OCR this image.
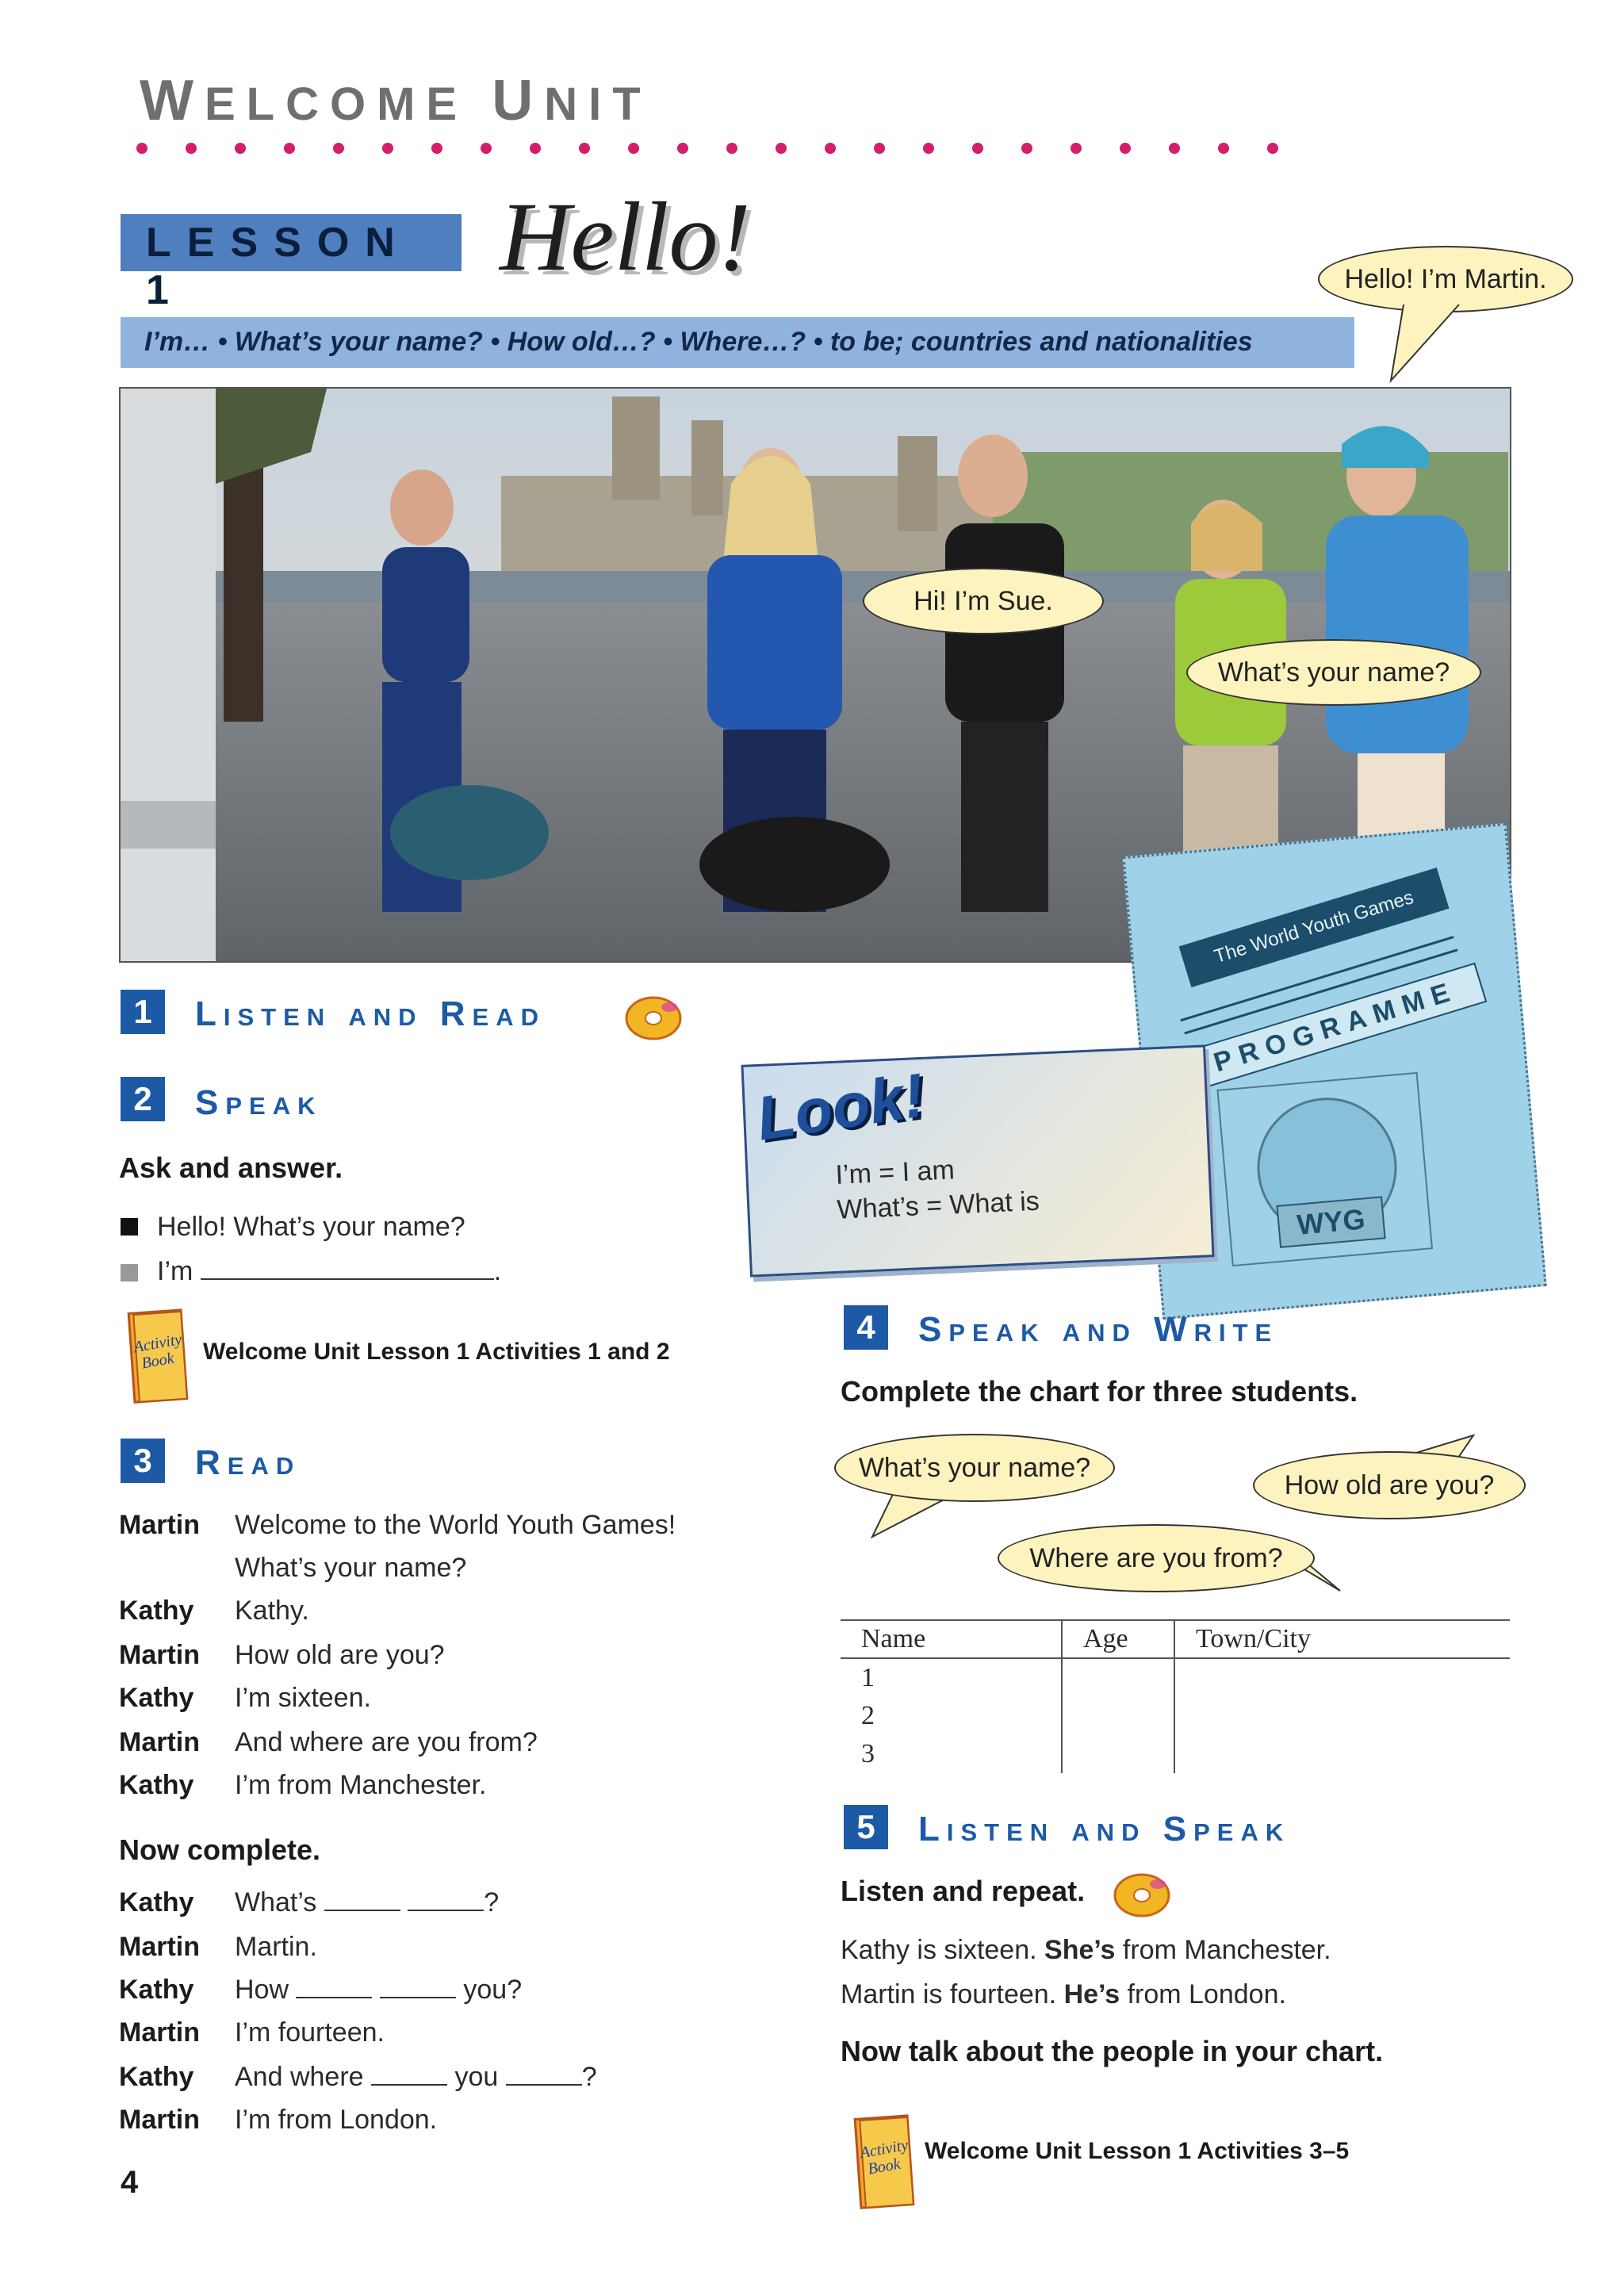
WELCOME UNIT
LESSON 1	Hello!	Hello! I’m Martin.
I’m… • What’s your name? • How old…? • Where…? • to be; countries and nationalities
Hi! I’m Sue.
What’s your name?
The World Youth Games
PROGRAMME
WYG
1	Listen and Read
2	Speak
Ask and answer.
Hello! What’s your name?
I’m	.
Activity
Book Welcome Unit Lesson 1 Activities 1 and 2
Look!
I’m = I am
What’s = What is
3	Read
Martin Welcome to the World Youth Games!
What’s your name?
Kathy Kathy.
Martin How old are you?
Kathy I’m sixteen.
Martin And where are you from?
Kathy I’m from Manchester.
Now complete.
Kathy What’s	?
Martin Martin.
Kathy How	you?
Martin I’m fourteen.
Kathy And where	you	?
Martin I’m from London.
4
4	Speak and Write
Complete the chart for three students.
What’s your name?
How old are you?
Where are you from?
Name	Age	Town/City
1		
2		
3		
5	Listen and Speak
Listen and repeat.
Kathy is sixteen. She’s from Manchester.
Martin is fourteen. He’s from London.
Now talk about the people in your chart.
Activity
Book
Welcome Unit Lesson 1 Activities 3–5
